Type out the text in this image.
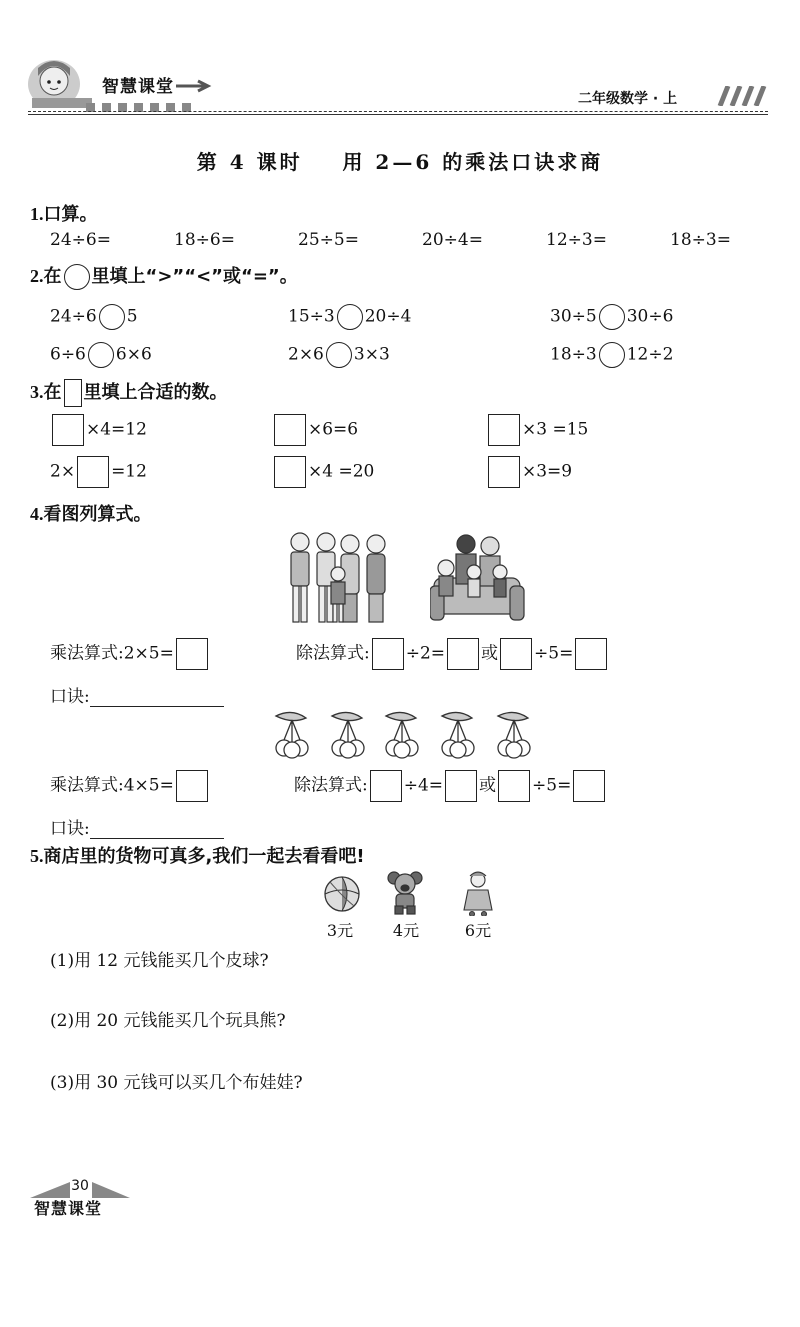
智慧课堂
二年级数学 · 上
第 4 课时    用 2—6 的乘法口诀求商
1.口算。
24÷6=	18÷6=	25÷5=	20÷4=	12÷3=	18÷3=
2.在 里填上“>”“<”或“=”。
24÷6 5	15÷3 20÷4	30÷5 30÷6
6÷6 6×6	2×6 3×3	18÷3 12÷2
3.在 里填上合适的数。
×4=12	×6=6	×3 =15
2× =12	×4 =20	×3=9
4.看图列算式。
乘法算式:2×5=	除法算式: ÷2= 或 ÷5=
口诀:
乘法算式:4×5=	除法算式: ÷4= 或 ÷5=
口诀:
5.商店里的货物可真多,我们一起去看看吧!
3元	4元	6元
(1)用 12 元钱能买几个皮球?
(2)用 20 元钱能买几个玩具熊?
(3)用 30 元钱可以买几个布娃娃?
30
智慧课堂
